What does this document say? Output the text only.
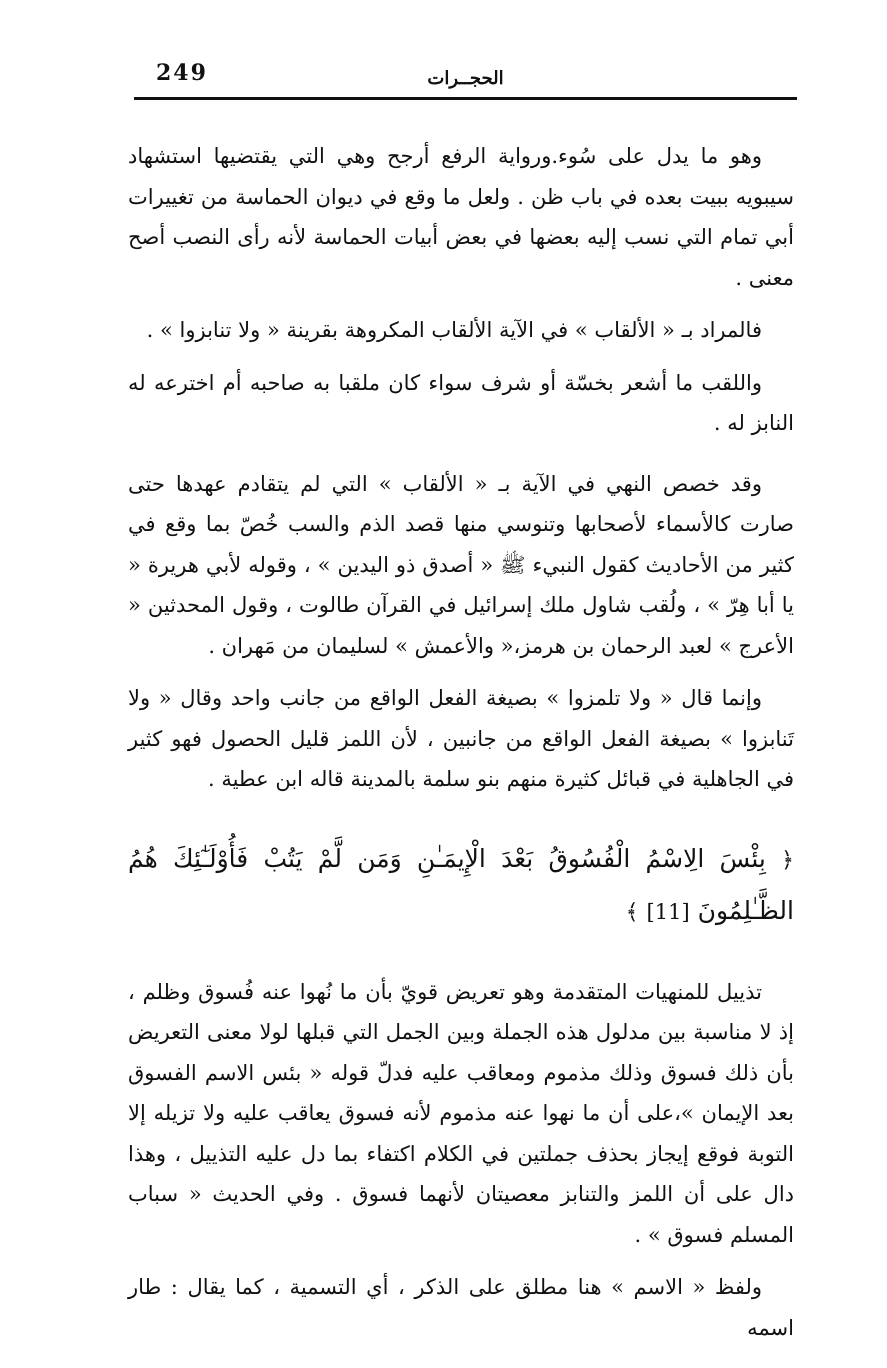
249	الحجــرات

وهو ما يدل على سُوء.ورواية الرفع أرجح وهي التي يقتضيها استشهاد سيبويه ببيت بعده في باب ظن . ولعل ما وقع في ديوان الحماسة من تغييرات أبي تمام التي نسب إليه بعضها في بعض أبيات الحماسة لأنه رأى النصب أصح معنى .

فالمراد بـ « الألقاب » في الآية الألقاب المكروهة بقرينة « ولا تنابزوا » .

واللقب ما أشعر بخسّة أو شرف سواء كان ملقبا به صاحبه أم اخترعه له النابز له .

وقد خصص النهي في الآية بـ « الألقاب » التي لم يتقادم عهدها حتى صارت كالأسماء لأصحابها وتنوسي منها قصد الذم والسب خُصّ بما وقع في كثير من الأحاديث كقول النبيء ﷺ « أصدق ذو اليدين » ، وقوله لأبي هريرة « يا أبا هِرّ » ، ولُقب شاول ملك إسرائيل في القرآن طالوت ، وقول المحدثين « الأعرج » لعبد الرحمان بن هرمز،« والأعمش » لسليمان من مَهران .

وإنما قال « ولا تلمزوا » بصيغة الفعل الواقع من جانب واحد وقال « ولا تَنابزوا » بصيغة الفعل الواقع من جانبين ، لأن اللمز قليل الحصول فهو كثير في الجاهلية في قبائل كثيرة منهم بنو سلمة بالمدينة قاله ابن عطية .

﴿ بِئْسَ الِاسْمُ الْفُسُوقُ بَعْدَ الْإِيمَـٰنِ وَمَن لَّمْ يَتُبْ فَأُوْلَـٰٓئِكَ هُمُ الظَّـٰلِمُونَ [11] ﴾

تذييل للمنهيات المتقدمة وهو تعريض قويّ بأن ما نُهوا عنه فُسوق وظلم ، إذ لا مناسبة بين مدلول هذه الجملة وبين الجمل التي قبلها لولا معنى التعريض بأن ذلك فسوق وذلك مذموم ومعاقب عليه فدلّ قوله « بئس الاسم الفسوق بعد الإيمان »،على أن ما نهوا عنه مذموم لأنه فسوق يعاقب عليه ولا تزيله إلا التوبة فوقع إيجاز بحذف جملتين في الكلام اكتفاء بما دل عليه التذييل ، وهذا دال على أن اللمز والتنابز معصيتان لأنهما فسوق . وفي الحديث « سباب المسلم فسوق » .

ولفظ « الاسم » هنا مطلق على الذكر ، أي التسمية ، كما يقال : طار اسمه
